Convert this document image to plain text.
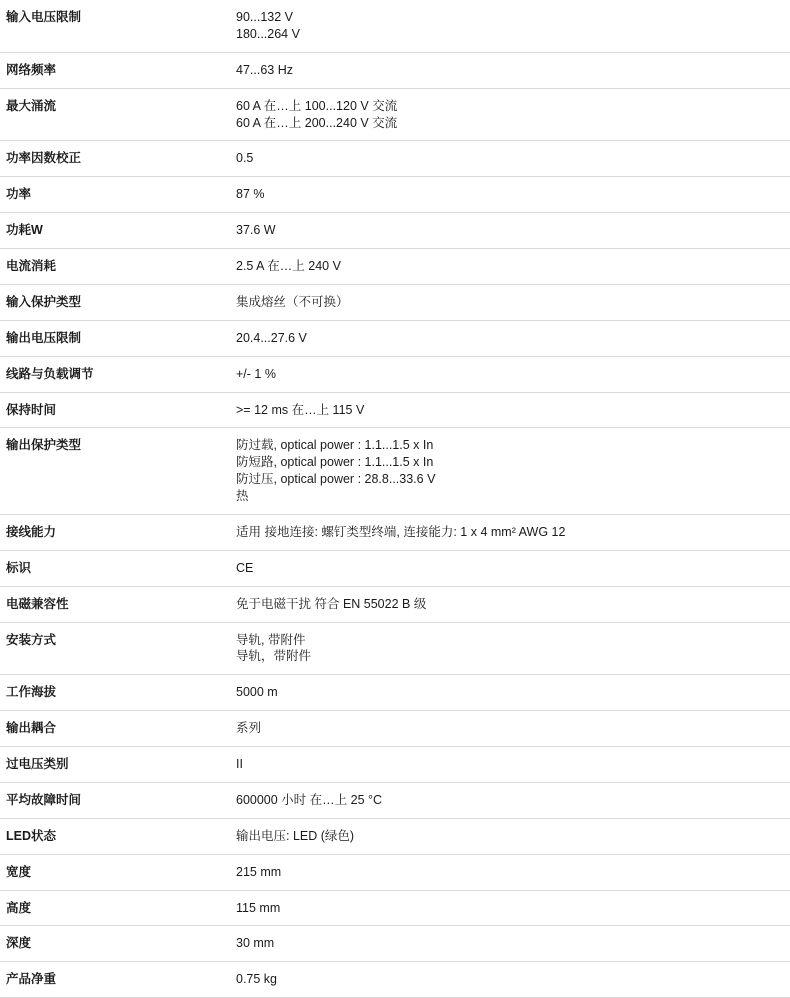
输入电压限制	90...132 V
180...264 V

网络频率	47...63 Hz

最大涌流	60 A 在…上 100...120 V 交流
60 A 在…上 200...240 V 交流

功率因数校正	0.5

功率	87 %

功耗W	37.6 W

电流消耗	2.5 A 在…上 240 V

输入保护类型	集成熔丝（不可换）

输出电压限制	20.4...27.6 V

线路与负载调节	+/- 1 %

保持时间	>= 12 ms 在…上 115 V

输出保护类型	防过载, optical power : 1.1...1.5 x In
防短路, optical power : 1.1...1.5 x In
防过压, optical power : 28.8...33.6 V
热

接线能力	适用 接地连接: 螺钉类型终端, 连接能力: 1 x 4 mm² AWG 12

标识	CE

电磁兼容性	免于电磁干扰 符合 EN 55022 B 级

安装方式	导轨, 带附件
导轨，带附件

工作海拔	5000 m

输出耦合	系列

过电压类别	II

平均故障时间	600000 小时 在…上 25 °C

LED状态	输出电压: LED (绿色)

宽度	215 mm

高度	115 mm

深度	30 mm

产品净重	0.75 kg
